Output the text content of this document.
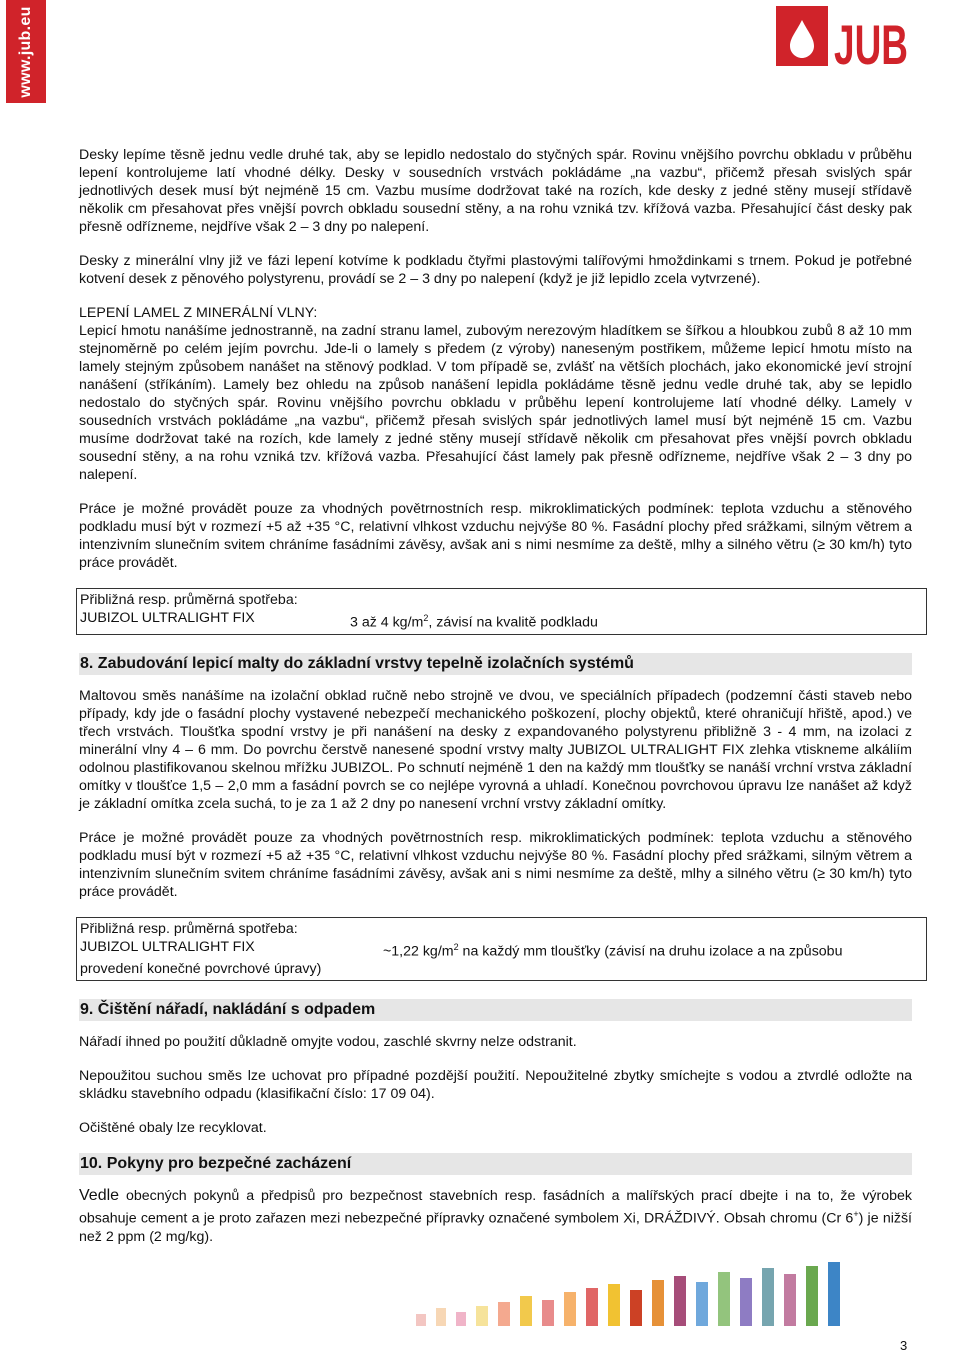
www.jub.eu	JUB

Desky lepíme těsně jednu vedle druhé tak, aby se lepidlo nedostalo do styčných spár. Rovinu vnějšího povrchu obkladu v průběhu lepení kontrolujeme latí vhodné délky. Desky v sousedních vrstvách pokládáme „na vazbu“, přičemž přesah svislých spár jednotlivých desek musí být nejméně 15 cm. Vazbu musíme dodržovat také na rozích, kde desky z jedné stěny musejí střídavě několik cm přesahovat přes vnější povrch obkladu sousední stěny, a na rohu vzniká tzv. křížová vazba. Přesahující část desky pak přesně odřízneme, nejdříve však 2 – 3 dny po nalepení.

Desky z minerální vlny již ve fázi lepení kotvíme k podkladu čtyřmi plastovými talířovými hmoždinkami s trnem. Pokud je potřebné kotvení desek z pěnového polystyrenu, provádí se 2 – 3 dny po nalepení (když je již lepidlo zcela vytvrzené).

LEPENÍ LAMEL Z MINERÁLNÍ VLNY:

Lepicí hmotu nanášíme jednostranně, na zadní stranu lamel, zubovým nerezovým hladítkem se šířkou a hloubkou zubů 8 až 10 mm stejnoměrně po celém jejím povrchu. Jde-li o lamely s předem (z výroby) naneseným postřikem, můžeme lepicí hmotu místo na lamely stejným způsobem nanášet na stěnový podklad. V tom případě se, zvlášť na větších plochách, jako ekonomické jeví strojní nanášení (stříkáním). Lamely bez ohledu na způsob nanášení lepidla pokládáme těsně jednu vedle druhé tak, aby se lepidlo nedostalo do styčných spár. Rovinu vnějšího povrchu obkladu v průběhu lepení kontrolujeme latí vhodné délky. Lamely v sousedních vrstvách pokládáme „na vazbu“, přičemž přesah svislých spár jednotlivých lamel musí být nejméně 15 cm. Vazbu musíme dodržovat také na rozích, kde lamely z jedné stěny musejí střídavě několik cm přesahovat přes vnější povrch obkladu sousední stěny, a na rohu vzniká tzv. křížová vazba. Přesahující část lamely pak přesně odřízneme, nejdříve však 2 – 3 dny po nalepení.

Práce je možné provádět pouze za vhodných povětrnostních resp. mikroklimatických podmínek: teplota vzduchu a stěnového podkladu musí být v rozmezí +5 až +35 °C, relativní vlhkost vzduchu nejvýše 80 %. Fasádní plochy před srážkami, silným větrem a intenzivním slunečním svitem chráníme fasádními závěsy, avšak ani s nimi nesmíme za deště, mlhy a silného větru (≥ 30 km/h) tyto práce provádět.

Přibližná resp. průměrná spotřeba:
JUBIZOL ULTRALIGHT FIX	3 až 4 $kg/m^2$, závisí na kvalitě podkladu
8. Zabudování lepicí malty do základní vrstvy tepelně izolačních systémů

Maltovou směs nanášíme na izolační obklad ručně nebo strojně ve dvou, ve speciálních případech (podzemní části staveb nebo případy, kdy jde o fasádní plochy vystavené nebezpečí mechanického poškození, plochy objektů, které ohraničují hřiště, apod.) ve třech vrstvách. Tloušťka spodní vrstvy je při nanášení na desky z expandovaného polystyrenu přibližně 3 - 4 mm, na izolaci z minerální vlny 4 – 6 mm. Do povrchu čerstvě nanesené spodní vrstvy malty JUBIZOL ULTRALIGHT FIX zlehka vtiskneme alkáliím odolnou plastifikovanou skelnou mřížku JUBIZOL. Po schnutí nejméně 1 den na každý mm tloušťky se nanáší vrchní vrstva základní omítky v tloušťce 1,5 – 2,0 mm a fasádní povrch se co nejlépe vyrovná a uhladí. Konečnou povrchovou úpravu lze nanášet až když je základní omítka zcela suchá, to je za 1 až 2 dny po nanesení vrchní vrstvy základní omítky.

Práce je možné provádět pouze za vhodných povětrnostních resp. mikroklimatických podmínek: teplota vzduchu a stěnového podkladu musí být v rozmezí +5 až +35 °C, relativní vlhkost vzduchu nejvýše 80 %. Fasádní plochy před srážkami, silným větrem a intenzivním slunečním svitem chráníme fasádními závěsy, avšak ani s nimi nesmíme za deště, mlhy a silného větru (≥ 30 km/h) tyto práce provádět.

Přibližná resp. průměrná spotřeba:
JUBIZOL ULTRALIGHT FIX	~1,22 $kg/m^2$ na každý mm tloušťky (závisí na druhu izolace a na způsobu
provedení konečné povrchové úpravy)
9. Čištění nářadí, nakládání s odpadem

Nářadí ihned po použití důkladně omyjte vodou, zaschlé skvrny nelze odstranit.

Nepoužitou suchou směs lze uchovat pro případné pozdější použití. Nepoužitelné zbytky smíchejte s vodou a ztvrdlé odložte na skládku stavebního odpadu (klasifikační číslo: 17 09 04).

Očištěné obaly lze recyklovat.

10. Pokyny pro bezpečné zacházení

Vedle obecných pokynů a předpisů pro bezpečnost stavebních resp. fasádních a malířských prací dbejte i na to, že výrobek obsahuje cement a je proto zařazen mezi nebezpečné přípravky označené symbolem Xi, DRÁŽDIVÝ. Obsah chromu (Cr 6+) je nižší než 2 ppm (2 mg/kg).

3
